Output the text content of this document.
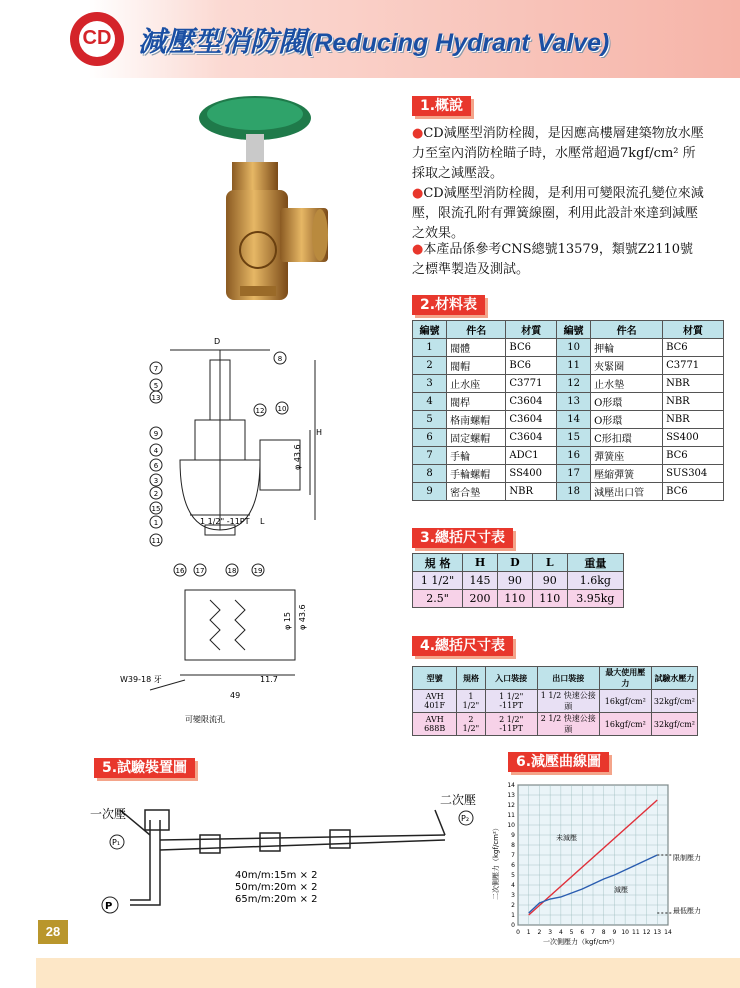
CD 減壓型消防閥(Reducing Hydrant Valve)
1.概說
●CD減壓型消防栓閥，是因應高樓層建築物放水壓力至室內消防栓瞄子時，水壓常超過7kgf/cm² 所採取之減壓設。
●CD減壓型消防栓閥，是利用可變限流孔變位來減壓，限流孔附有彈簧線圈，利用此設計來達到減壓之效果。
●本產品係參考CNS總號13579，類號Z2110號之標準製造及測試。
2.材料表
編號	件名	材質	編號	件名	材質
1	閥體	BC6	10	押輪	BC6
2	閥帽	BC6	11	夾緊圈	C3771
3	止水座	C3771	12	止水墊	NBR
4	閥桿	C3604	13	O形環	NBR
5	格南螺帽	C3604	14	O形環	NBR
6	固定螺帽	C3604	15	C形扣環	SS400
7	手輪	ADC1	16	彈簧座	BC6
8	手輪螺帽	SS400	17	壓縮彈簧	SUS304
9	密合墊	NBR	18	減壓出口管	BC6
3.總括尺寸表
規 格	H	D	L	重量
1 1/2"	145	90	90	1.6kg
2.5"	200	110	110	3.95kg
4.總括尺寸表
型號	規格	入口裝接	出口裝接	最大使用壓力	試驗水壓力
AVH 401F	1 1/2"	1 1/2" -11PT	1 1/2 快速公接頭	16kgf/cm²	32kgf/cm²
AVH 688B	2 1/2"	2 1/2" -11PT	2 1/2 快速公接頭	16kgf/cm²	32kgf/cm²
D
H
φ 43.6
1 1/2" -11PT L
φ 15 φ 43.6
W39-18 牙	11.7
49
可變限流孔
7
8
5
13
9
4
6
3
2
15
1
11
12 10
16 17	18 19
5.試驗裝置圖
一次壓
二次壓
P₁
P
P₂
40m/m:15m × 2
50m/m:20m × 2
65m/m:20m × 2
6.減壓曲線圖
0
0
1
1
2
2
3
3
4
4
5
5
6
6
7
7
8
8
9
9
10
10
11
11
12
12
13
13
14
14
一次側壓力（kgf/cm²）
二次側壓力（kgf/cm²）	限制壓力
最低壓力
未減壓
減壓
28
